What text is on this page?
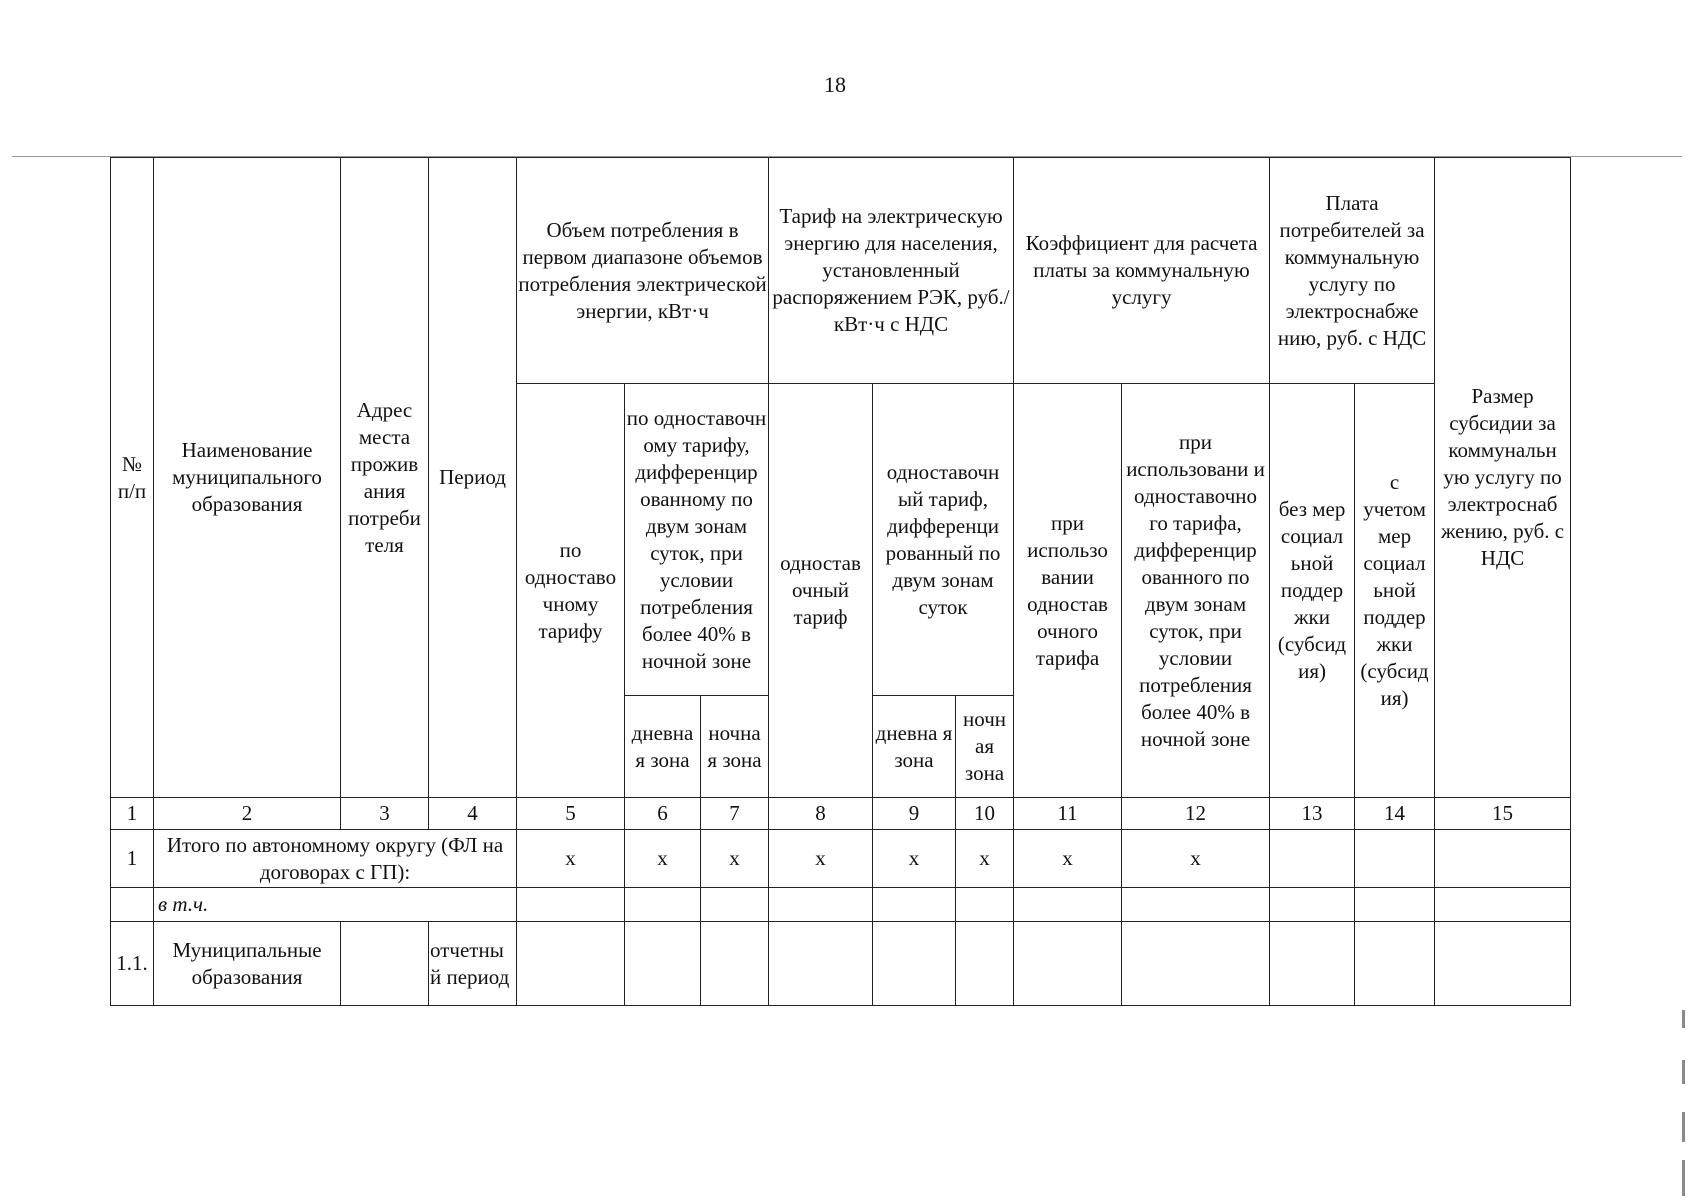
18
№ п/п	Наименование муниципального образования	Адрес места прожив ания потреби теля	Период	Объем потребления в первом диапазоне объемов потребления электрической энергии, кВт·ч			Тариф на электрическую энергию для населения, установленный распоряжением РЭК, руб./кВт·ч с НДС			Коэффициент для расчета платы за коммунальную услугу		Плата потребителей за коммунальную услугу по электроснабже нию, руб. с НДС		Размер субсидии за коммунальн ую услугу по электроснаб жению, руб. с НДС
				по одноставо чному тарифу	по одноставочн ому тарифу, дифференцир ованному по двум зонам суток, при условии потребления более 40% в ночной зоне		одностав очный тариф	одноставочн ый тариф, дифференци рованный по двум зонам суток		при использо вании одностав очного тарифа	при использовани и одноставочно го тарифа, дифференцир ованного по двум зонам суток, при условии потребления более 40% в ночной зоне	без мер социал ьной поддер жки (субсид ия)	с учетом мер социал ьной поддер жки (субсид ия)	
					дневна я зона	ночна я зона		дневна я зона	ночн ая зона					
1	2	3	4	5	6	7	8	9	10	11	12	13	14	15
1	Итого по автономному округу (ФЛ на договорах с ГП):			х	х	х	х	х	х	х	х			
	в т.ч.													
1.1.	Муниципальные образования		отчетны й период											
